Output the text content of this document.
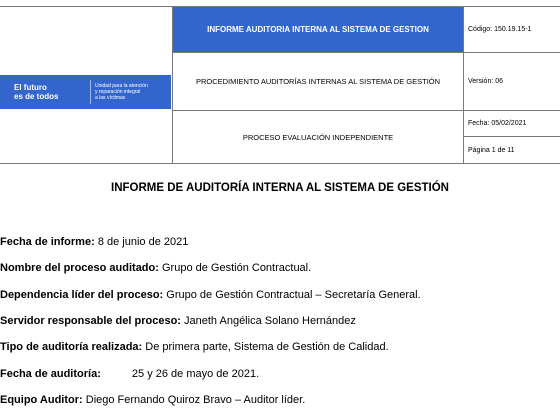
El futuro
es de todos
Unidad para la atención
y reparación integral
a las víctimas	INFORME AUDITORIA INTERNA AL SISTEMA DE GESTION	Código: 150.19.15-1
	PROCEDIMIENTO AUDITORÍAS INTERNAS AL SISTEMA DE GESTIÓN	Versión: 06
	PROCESO EVALUACIÓN INDEPENDIENTE	Fecha: 05/02/2021
		Página 1 de 11
INFORME DE AUDITORÍA INTERNA AL SISTEMA DE GESTIÓN
Fecha de informe: 8 de junio de 2021
Nombre del proceso auditado: Grupo de Gestión Contractual.
Dependencia líder del proceso: Grupo de Gestión Contractual – Secretaría General.
Servidor responsable del proceso: Janeth Angélica Solano Hernández
Tipo de auditoría realizada: De primera parte, Sistema de Gestión de Calidad.
Fecha de auditoría:	25 y 26 de mayo de 2021.
Equipo Auditor: Diego Fernando Quiroz Bravo – Auditor líder.
